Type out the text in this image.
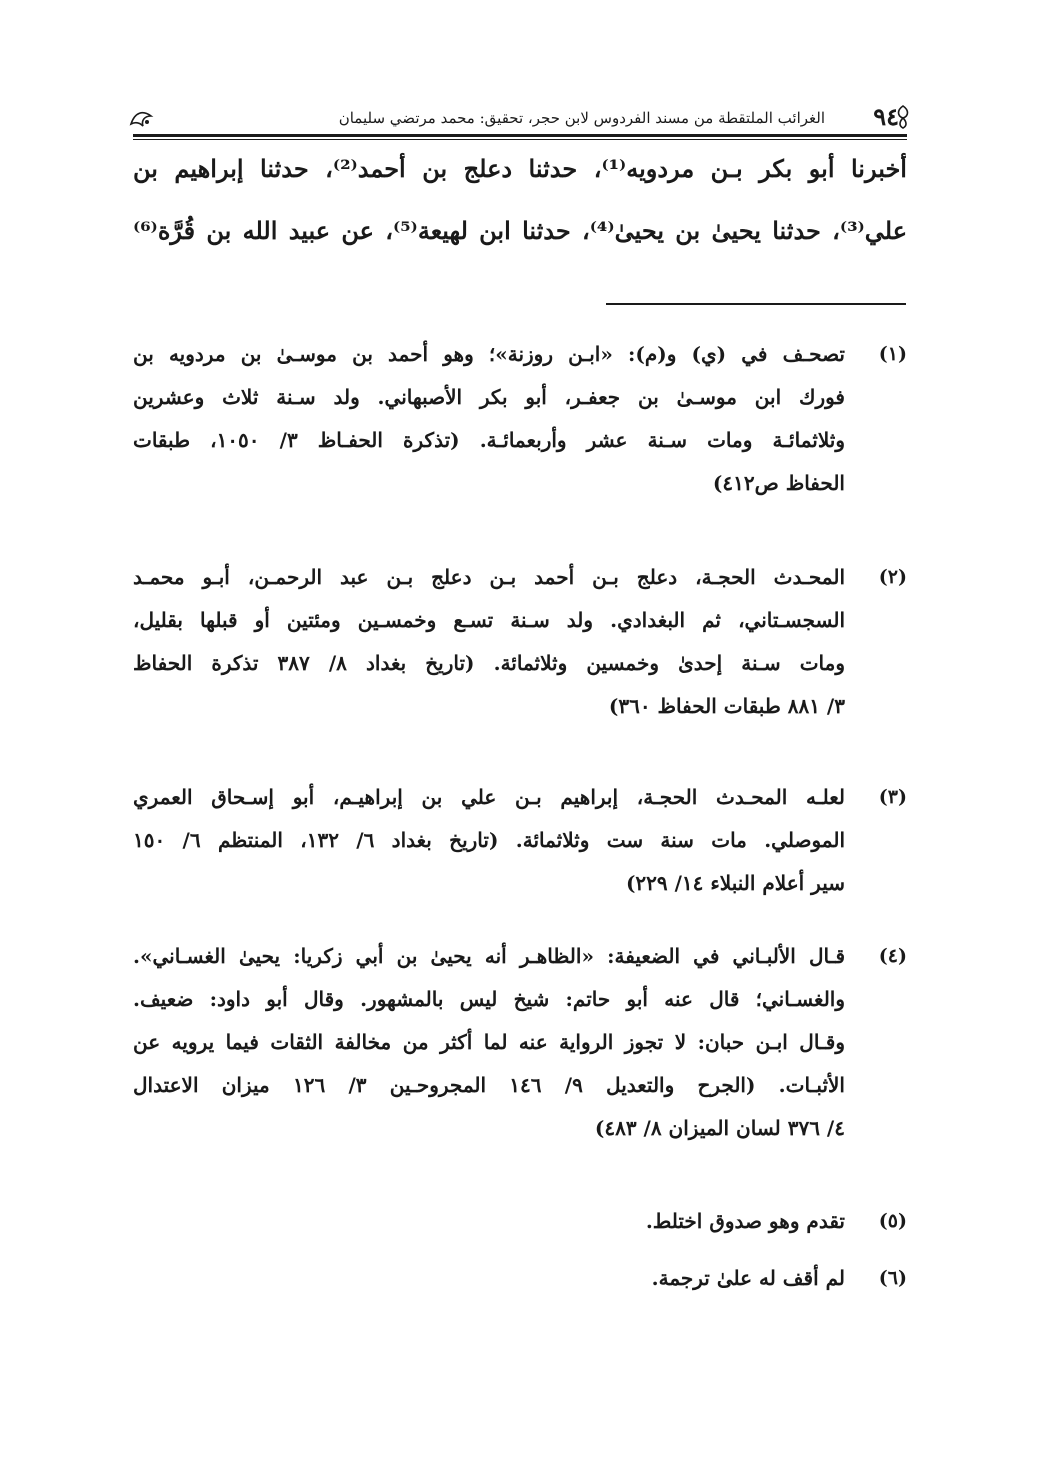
٩٤
الغرائب الملتقطة من مسند الفردوس لابن حجر، تحقيق: محمد مرتضي سليمان

أخبرنا أبو بكر بـن مردويه⁽¹⁾، حدثنا دعلج بن أحمد⁽²⁾، حدثنا إبراهيم بن

علي⁽³⁾، حدثنا يحيىٰ بن يحيىٰ⁽⁴⁾، حدثنا ابن لهيعة⁽⁵⁾، عن عبيد الله بن قُرَّة⁽⁶⁾

(١)
تصحـف في (ي) و(م): «ابـن روزنة»؛ وهو أحمد بن موسـىٰ بن مردويه بن
فورك ابن موسـىٰ بن جعفـر، أبو بكر الأصبهاني. ولد سـنة ثلاث وعشرين
وثلاثمائـة ومات سـنة عشر وأربعمائـة. (تذكرة الحفـاظ ٣/ ١٠٥٠، طبقات
الحفاظ ص٤١٢)
(٢)
المحـدث الحجـة، دعلج بـن أحمد بـن دعلج بـن عبد الرحمـن، أبـو محمـد
السجسـتاني، ثم البغدادي. ولد سـنة تسـع وخمسـين ومئتين أو قبلها بقليل،
ومات سـنة إحدىٰ وخمسين وثلاثمائة. (تاريخ بغداد ٨/ ٣٨٧ تذكرة الحفاظ
٣/ ٨٨١ طبقات الحفاظ ٣٦٠)
(٣)
لعلـه المحـدث الحجـة، إبراهيم بـن علي بن إبراهيـم، أبو إسـحاق العمري
الموصلي. مات سنة ست وثلاثمائة. (تاريخ بغداد ٦/ ١٣٢، المنتظم ٦/ ١٥٠
سير أعلام النبلاء ١٤/ ٢٢٩)
(٤)
قـال الألبـاني في الضعيفة: «الظاهـر أنه يحيىٰ بن أبي زكريا: يحيىٰ الغسـاني».
والغسـاني؛ قال عنه أبو حاتم: شيخ ليس بالمشهور. وقال أبو داود: ضعيف.
وقـال ابـن حبان: لا تجوز الرواية عنه لما أكثر من مخالفة الثقات فيما يرويه عن
الأثبـات. (الجرح والتعديل ٩/ ١٤٦ المجروحـين ٣/ ١٢٦ ميزان الاعتدال
٤/ ٣٧٦ لسان الميزان ٨/ ٤٨٣)
(٥)
تقدم وهو صدوق اختلط.
(٦)
لم أقف له علىٰ ترجمة.
